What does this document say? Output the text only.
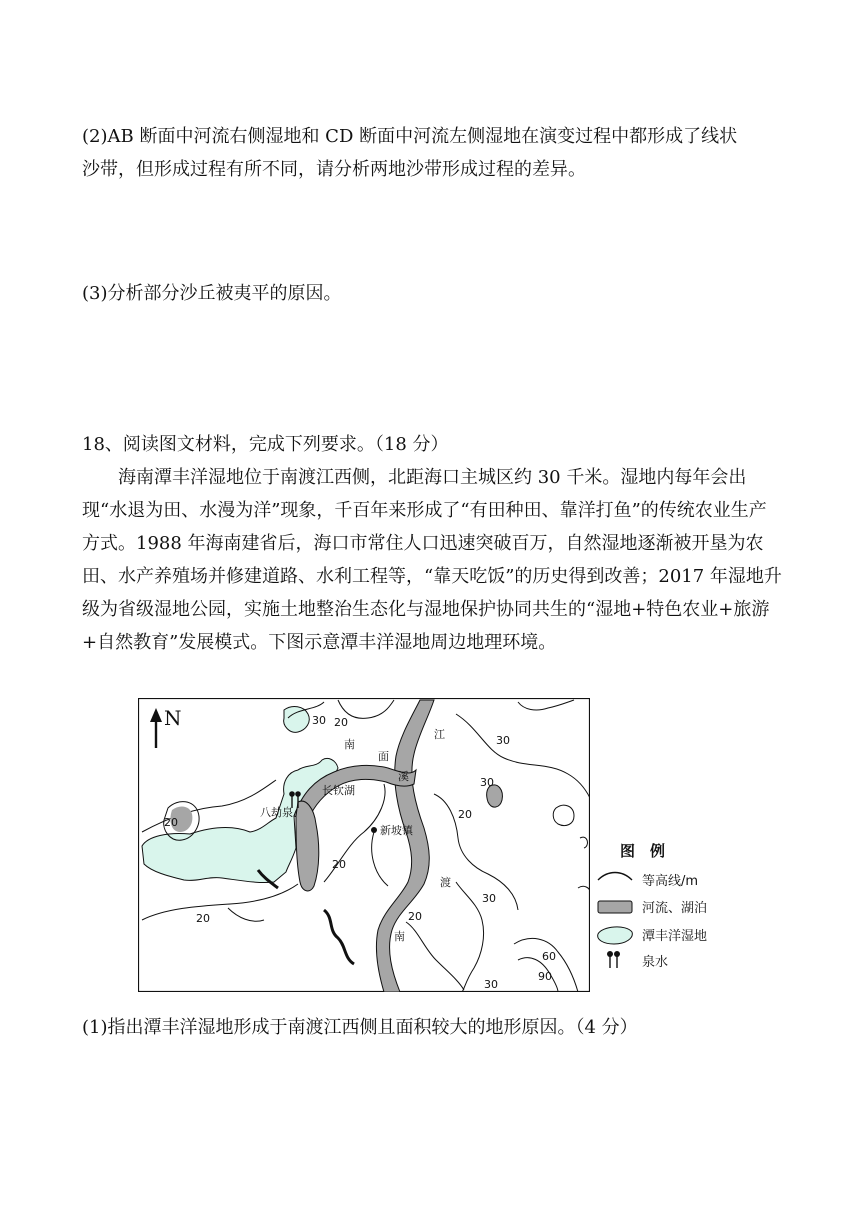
(2)AB 断面中河流右侧湿地和 CD 断面中河流左侧湿地在演变过程中都形成了线状
沙带，但形成过程有所不同，请分析两地沙带形成过程的差异。

(3)分析部分沙丘被夷平的原因。

18、阅读图文材料，完成下列要求。（18 分）

海南潭丰洋湿地位于南渡江西侧，北距海口主城区约 30 千米。湿地内每年会出现“水退为田、水漫为洋”现象，千百年来形成了“有田种田、靠洋打鱼”的传统农业生产方式。1988 年海南建省后，海口市常住人口迅速突破百万，自然湿地逐渐被开垦为农田、水产养殖场并修建道路、水利工程等，“靠天吃饭”的历史得到改善；2017 年湿地升级为省级湿地公园，实施土地整治生态化与湿地保护协同共生的“湿地+特色农业+旅游+自然教育”发展模式。下图示意潭丰洋湿地周边地理环境。

N
南
面
溪
江
长钦湖
八劫泉
新坡镇
渡
南
30 20
30
30
20
20
20
20
30
20
60
90
30
图　例
等高线/m
河流、湖泊
潭丰洋湿地
泉水

(1)指出潭丰洋湿地形成于南渡江西侧且面积较大的地形原因。（4 分）
